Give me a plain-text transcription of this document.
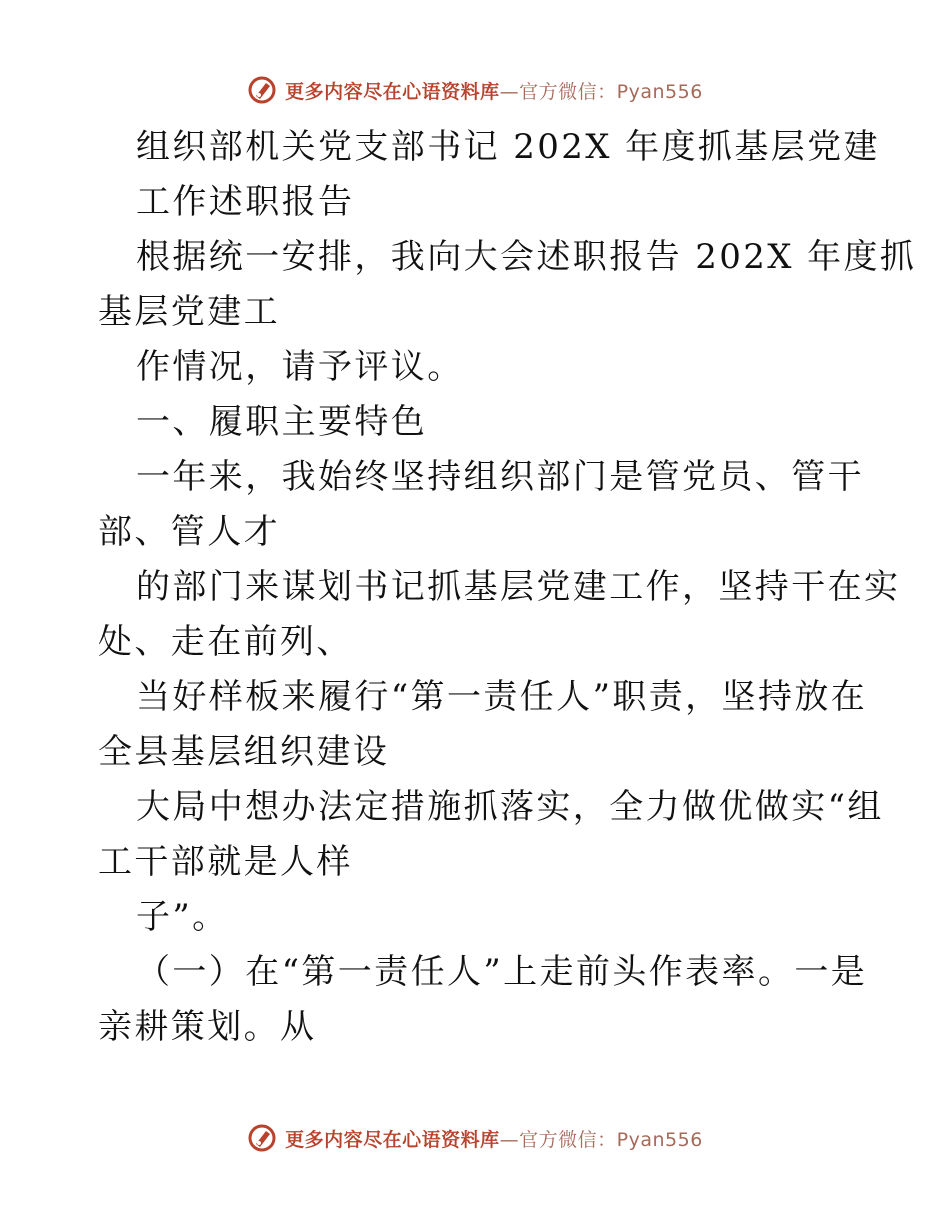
更多内容尽在心语资料库 —官方微信：Pyan556
组织部机关党支部书记 202X 年度抓基层党建
工作述职报告
根据统一安排，我向大会述职报告 202X 年度抓
基层党建工
作情况，请予评议。
一、履职主要特色
一年来，我始终坚持组织部门是管党员、管干
部、管人才
的部门来谋划书记抓基层党建工作，坚持干在实
处、走在前列、
当好样板来履行“第一责任人”职责，坚持放在
全县基层组织建设
大局中想办法定措施抓落实，全力做优做实“组
工干部就是人样
子”。
（一）在“第一责任人”上走前头作表率。一是
亲耕策划。从
更多内容尽在心语资料库 —官方微信：Pyan556
